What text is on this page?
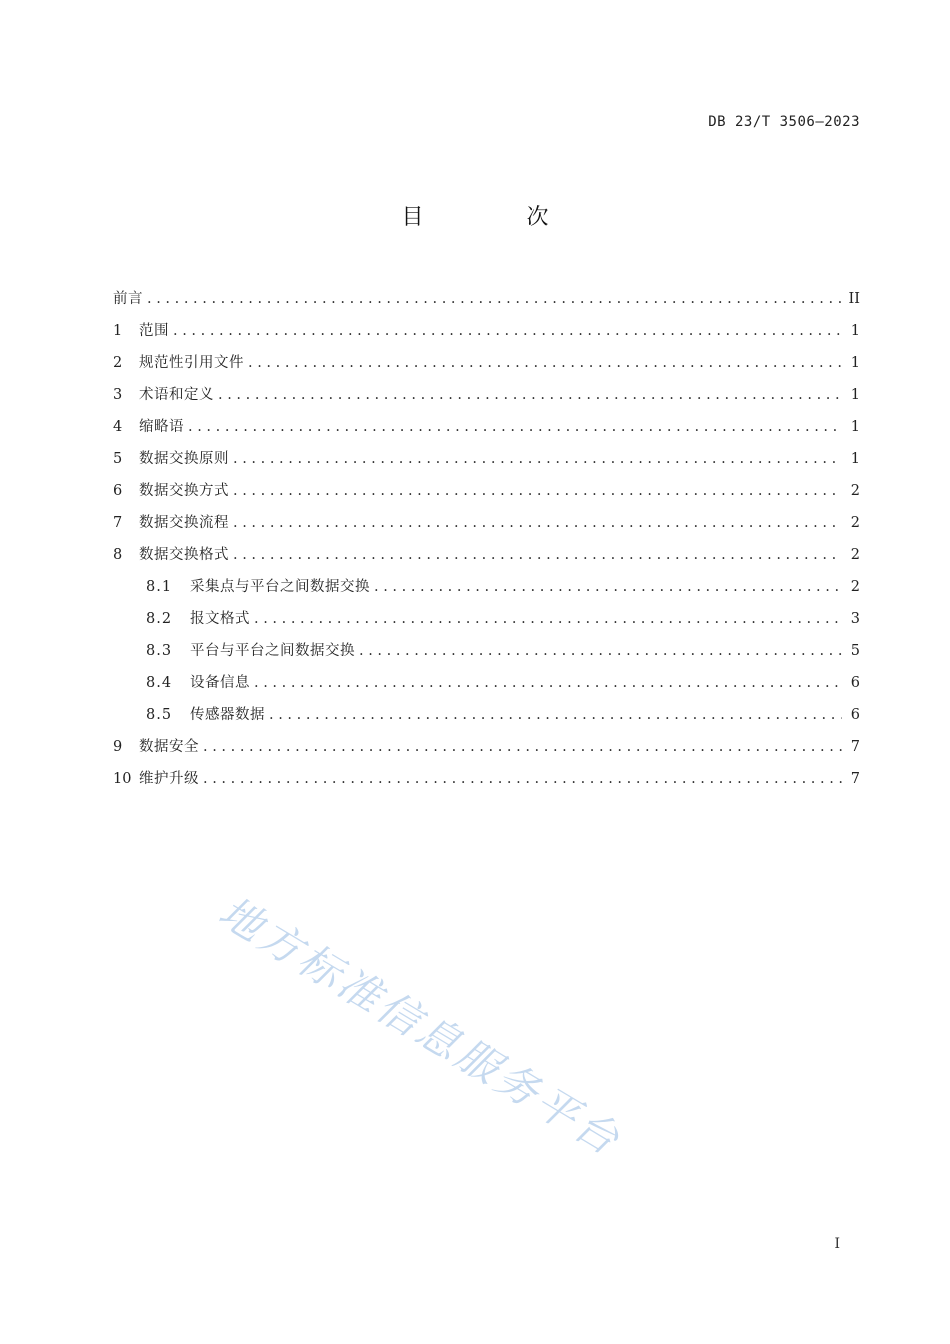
DB 23/T 3506—2023
目 次
前言 .....	II
1	范围 .....	1
2	规范性引用文件 .....	1
3	术语和定义 .....	1
4	缩略语 .....	1
5	数据交换原则 .....	1
6	数据交换方式 .....	2
7	数据交换流程 .....	2
8	数据交换格式 .....	2
8.1	采集点与平台之间数据交换 .....	2
8.2	报文格式 .....	3
8.3	平台与平台之间数据交换 .....	5
8.4	设备信息 .....	6
8.5	传感器数据 .....	6
9	数据安全 .....	7
10 维护升级 .....	7
地方标准信息服务平台
I
